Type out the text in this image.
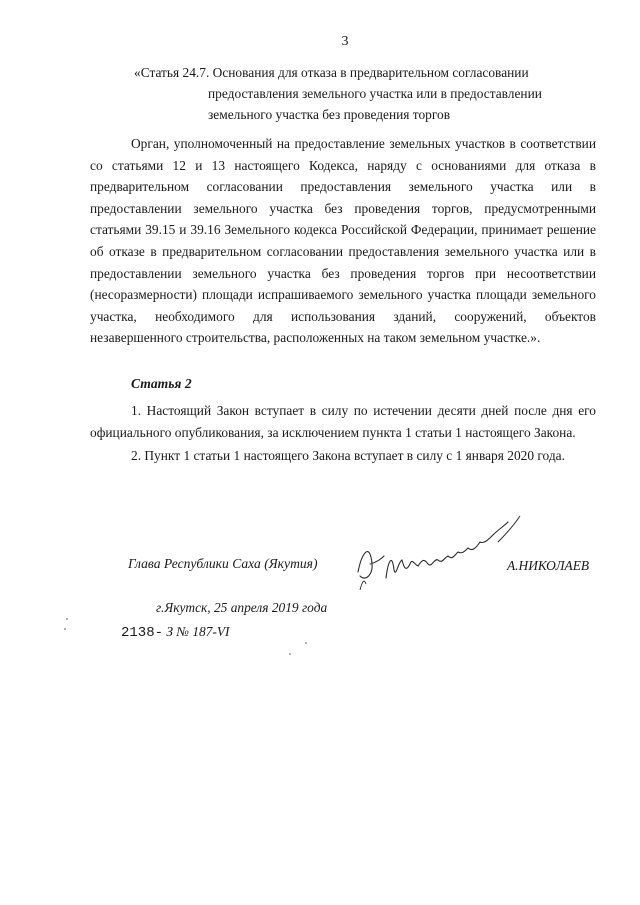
3
«Статья 24.7. Основания для отказа в предварительном согласовании
предоставления земельного участка или в предоставлении
земельного участка без проведения торгов

Орган, уполномоченный на предоставление земельных участков в соответствии со статьями 12 и 13 настоящего Кодекса, наряду с основаниями для отказа в предварительном согласовании предоставления земельного участка или в предоставлении земельного участка без проведения торгов, предусмотренными статьями 39.15 и 39.16 Земельного кодекса Российской Федерации, принимает решение об отказе в предварительном согласовании предоставления земельного участка или в предоставлении земельного участка без проведения торгов при несоответствии (несоразмерности) площади испрашиваемого земельного участка площади земельного участка, необходимого для использования зданий, сооружений, объектов незавершенного строительства, расположенных на таком земельном участке.».

Статья 2

1. Настоящий Закон вступает в силу по истечении десяти дней после дня его официального опубликования, за исключением пункта 1 статьи 1 настоящего Закона.

2. Пункт 1 статьи 1 настоящего Закона вступает в силу с 1 января 2020 года.

Глава Республики Саха (Якутия)	А.НИКОЛАЕВ
г.Якутск, 25 апреля 2019 года
2138- З № 187-VI
